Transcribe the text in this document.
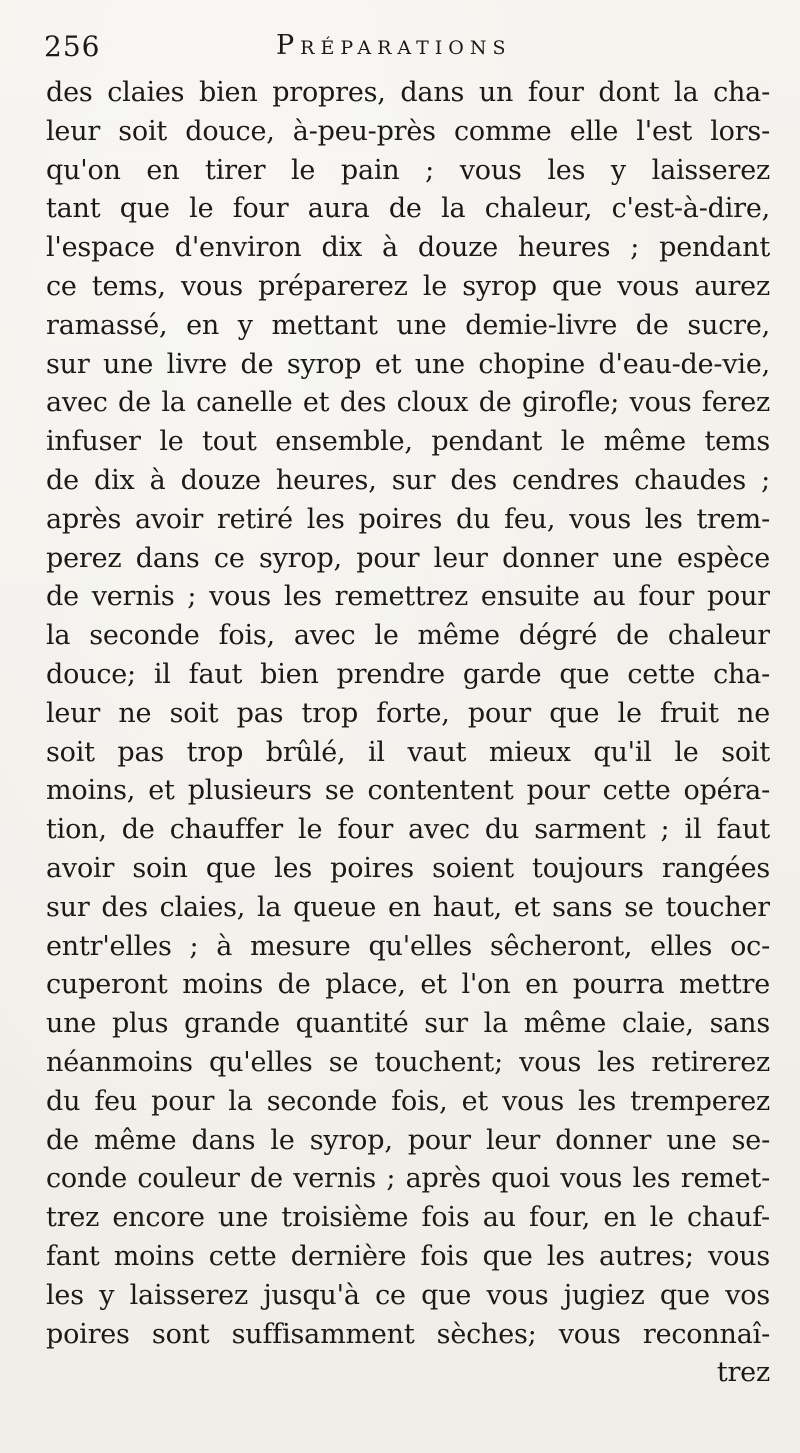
256	Préparations
des claies bien propres, dans un four dont la cha-
leur soit douce, à-peu-près comme elle l'est lors-
qu'on en tirer le pain ; vous les y laisserez
tant que le four aura de la chaleur, c'est-à-dire,
l'espace d'environ dix à douze heures ; pendant
ce tems, vous préparerez le syrop que vous aurez
ramassé, en y mettant une demie-livre de sucre,
sur une livre de syrop et une chopine d'eau-de-vie,
avec de la canelle et des cloux de girofle; vous ferez
infuser le tout ensemble, pendant le même tems
de dix à douze heures, sur des cendres chaudes ;
après avoir retiré les poires du feu, vous les trem-
perez dans ce syrop, pour leur donner une espèce
de vernis ; vous les remettrez ensuite au four pour
la seconde fois, avec le même dégré de chaleur
douce; il faut bien prendre garde que cette cha-
leur ne soit pas trop forte, pour que le fruit ne
soit pas trop brûlé, il vaut mieux qu'il le soit
moins, et plusieurs se contentent pour cette opéra-
tion, de chauffer le four avec du sarment ; il faut
avoir soin que les poires soient toujours rangées
sur des claies, la queue en haut, et sans se toucher
entr'elles ; à mesure qu'elles sêcheront, elles oc-
cuperont moins de place, et l'on en pourra mettre
une plus grande quantité sur la même claie, sans
néanmoins qu'elles se touchent; vous les retirerez
du feu pour la seconde fois, et vous les tremperez
de même dans le syrop, pour leur donner une se-
conde couleur de vernis ; après quoi vous les remet-
trez encore une troisième fois au four, en le chauf-
fant moins cette dernière fois que les autres; vous
les y laisserez jusqu'à ce que vous jugiez que vos
poires sont suffisamment sèches; vous reconnaî-
trez
